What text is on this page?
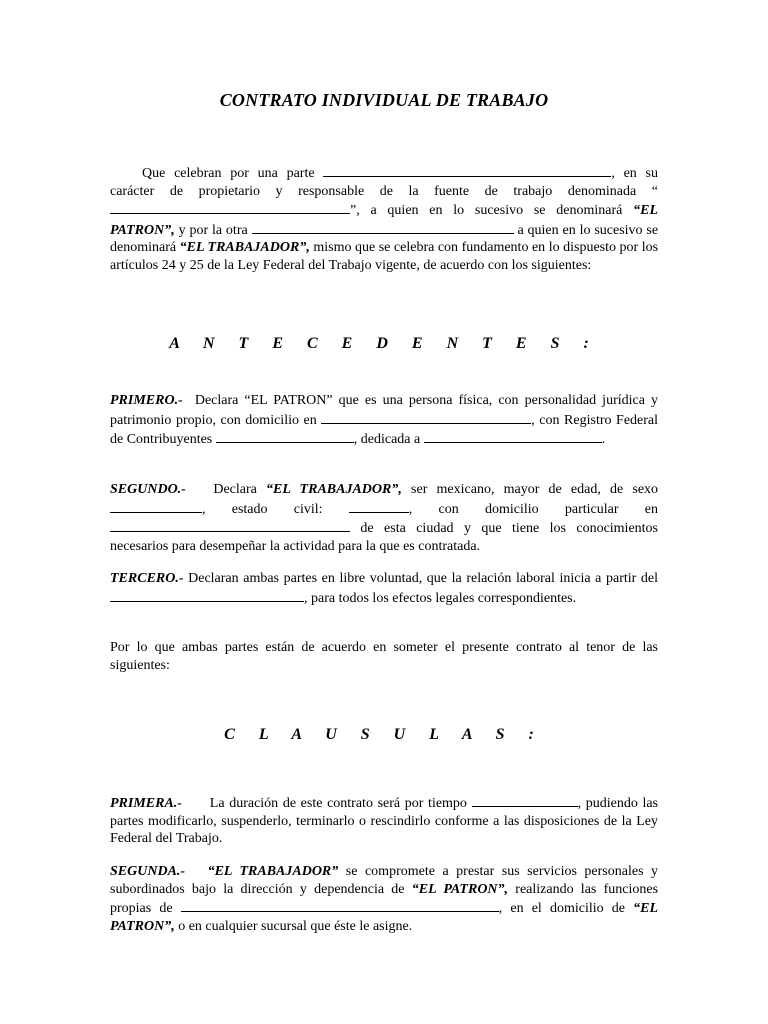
CONTRATO INDIVIDUAL DE TRABAJO
Que celebran por una parte	, en su carácter de propietario y responsable de la fuente de trabajo denominada “”, a quien en lo sucesivo se denominará “EL PATRON”, y por la otra	a quien en lo sucesivo se denominará “EL TRABAJADOR”, mismo que se celebra con fundamento en lo dispuesto por los artículos 24 y 25 de la Ley Federal del Trabajo vigente, de acuerdo con los siguientes:
A N T E C E D E N T E S :
PRIMERO.- Declara “EL PATRON” que es una persona física, con personalidad jurídica y patrimonio propio, con domicilio en	, con Registro Federal de Contribuyentes	, dedicada a	.
SEGUNDO.- Declara “EL TRABAJADOR”, ser mexicano, mayor de edad, de sexo, estado civil:	, con domicilio particular en  de esta ciudad y que tiene los conocimientos necesarios para desempeñar la actividad para la que es contratada.
TERCERO.- Declaran ambas partes en libre voluntad, que la relación laboral inicia a partir del , para todos los efectos legales correspondientes.
Por lo que ambas partes están de acuerdo en someter el presente contrato al tenor de las siguientes:
C L A U S U L A S :
PRIMERA.- La duración de este contrato será por tiempo	, pudiendo las partes modificarlo, suspenderlo, terminarlo o rescindirlo conforme a las disposiciones de la Ley Federal del Trabajo.
SEGUNDA.- “EL TRABAJADOR” se compromete a prestar sus servicios personales y subordinados bajo la dirección y dependencia de “EL PATRON”, realizando las funciones propias de	, en el domicilio de “EL PATRON”, o en cualquier sucursal que éste le asigne.
